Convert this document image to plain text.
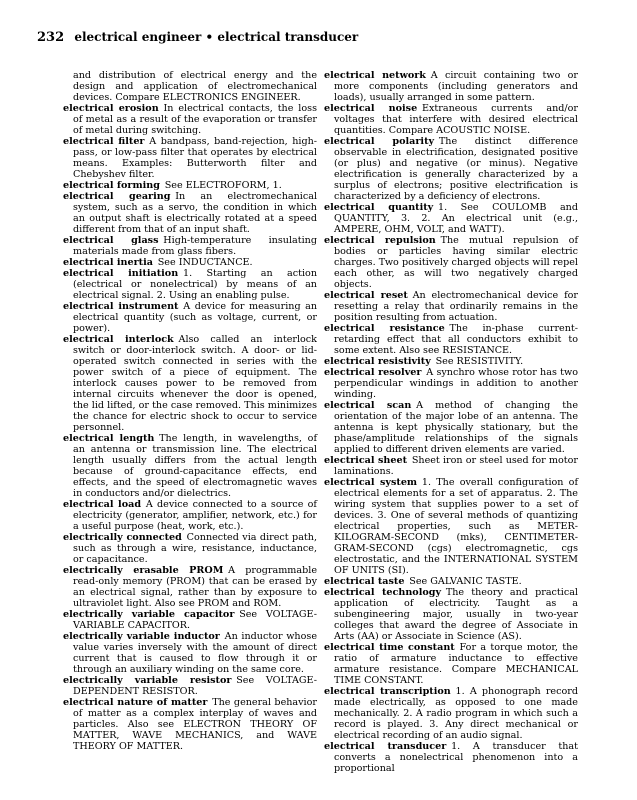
232 electrical engineer • electrical transducer

and distribution of electrical energy and the design and application of electromechanical devices. Compare ELECTRONICS ENGINEER.

electrical erosion  In electrical contacts, the loss of metal as a result of the evaporation or transfer of metal during switching.

electrical filter  A bandpass, band-rejection, high-pass, or low-pass filter that operates by electrical means. Examples: Butterworth filter and Chebyshev filter.

electrical forming  See ELECTROFORM, 1.

electrical gearing  In an electromechanical system, such as a servo, the condition in which an output shaft is electrically rotated at a speed different from that of an input shaft.

electrical glass  High-temperature insulating materials made from glass fibers.

electrical inertia  See INDUCTANCE.

electrical initiation  1. Starting an action (electrical or nonelectrical) by means of an electrical signal. 2. Using an enabling pulse.

electrical instrument  A device for measuring an electrical quantity (such as voltage, current, or power).

electrical interlock  Also called an interlock switch or door-interlock switch. A door- or lid-operated switch connected in series with the power switch of a piece of equipment. The interlock causes power to be removed from internal circuits whenever the door is opened, the lid lifted, or the case removed. This minimizes the chance for electric shock to occur to service personnel.

electrical length  The length, in wavelengths, of an antenna or transmission line. The electrical length usually differs from the actual length because of ground-capacitance effects, end effects, and the speed of electromagnetic waves in conductors and/or dielectrics.

electrical load  A device connected to a source of electricity (generator, amplifier, network, etc.) for a useful purpose (heat, work, etc.).

electrically connected  Connected via direct path, such as through a wire, resistance, inductance, or capacitance.

electrically erasable PROM  A programmable read-only memory (PROM) that can be erased by an electrical signal, rather than by exposure to ultraviolet light. Also see PROM and ROM.

electrically variable capacitor  See VOLTAGE-VARIABLE CAPACITOR.

electrically variable inductor  An inductor whose value varies inversely with the amount of direct current that is caused to flow through it or through an auxiliary winding on the same core.

electrically variable resistor  See VOLTAGE-DEPENDENT RESISTOR.

electrical nature of matter  The general behavior of matter as a complex interplay of waves and particles. Also see ELECTRON THEORY OF MATTER, WAVE MECHANICS, and WAVE THEORY OF MATTER.

electrical network  A circuit containing two or more components (including generators and loads), usually arranged in some pattern.

electrical noise  Extraneous currents and/or voltages that interfere with desired electrical quantities. Compare ACOUSTIC NOISE.

electrical polarity  The distinct difference observable in electrification, designated positive (or plus) and negative (or minus). Negative electrification is generally characterized by a surplus of electrons; positive electrification is characterized by a deficiency of electrons.

electrical quantity  1. See COULOMB and QUANTITY, 3. 2. An electrical unit (e.g., AMPERE, OHM, VOLT, and WATT).

electrical repulsion  The mutual repulsion of bodies or particles having similar electric charges. Two positively charged objects will repel each other, as will two negatively charged objects.

electrical reset  An electromechanical device for resetting a relay that ordinarily remains in the position resulting from actuation.

electrical resistance  The in-phase current-retarding effect that all conductors exhibit to some extent. Also see RESISTANCE.

electrical resistivity  See RESISTIVITY.

electrical resolver  A synchro whose rotor has two perpendicular windings in addition to another winding.

electrical scan  A method of changing the orientation of the major lobe of an antenna. The antenna is kept physically stationary, but the phase/amplitude relationships of the signals applied to different driven elements are varied.

electrical sheet  Sheet iron or steel used for motor laminations.

electrical system  1. The overall configuration of electrical elements for a set of apparatus. 2. The wiring system that supplies power to a set of devices. 3. One of several methods of quantizing electrical properties, such as METER-KILOGRAM-SECOND (mks), CENTIMETER-GRAM-SECOND (cgs) electromagnetic, cgs electrostatic, and the INTERNATIONAL SYSTEM OF UNITS (SI).

electrical taste  See GALVANIC TASTE.

electrical technology  The theory and practical application of electricity. Taught as a subengineering major, usually in two-year colleges that award the degree of Associate in Arts (AA) or Associate in Science (AS).

electrical time constant  For a torque motor, the ratio of armature inductance to effective armature resistance. Compare MECHANICAL TIME CONSTANT.

electrical transcription  1. A phonograph record made electrically, as opposed to one made mechanically. 2. A radio program in which such a record is played. 3. Any direct mechanical or electrical recording of an audio signal.

electrical transducer  1. A transducer that converts a nonelectrical phenomenon into a proportional
